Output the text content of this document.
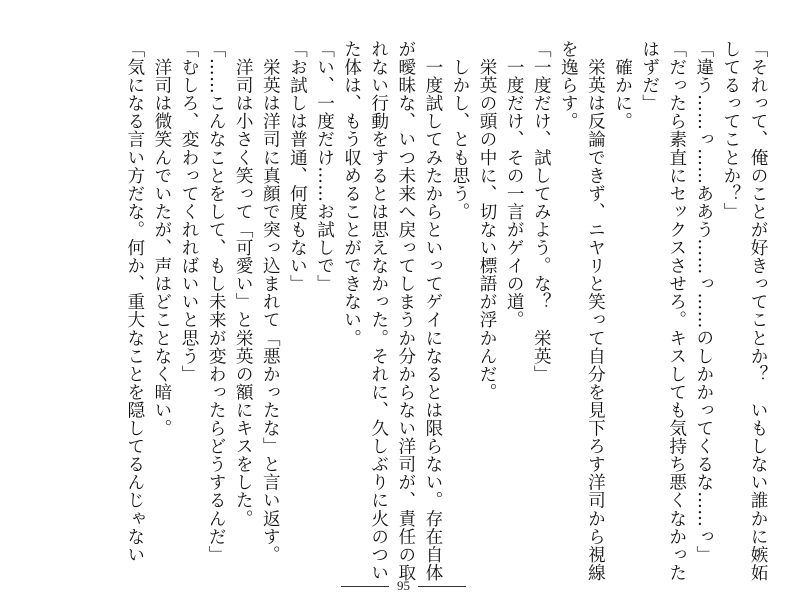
「それって、俺のことが好きってことか？　いもしない誰かに嫉妬
してるってことか？」
「違う……っ……ああう……っ……のしかかってくるな……っ」
「だったら素直にセックスさせろ。キスしても気持ち悪くなかった
はずだ」
　確かに。
　栄英は反論できず、ニヤリと笑って自分を見下ろす洋司から視線
を逸らす。
「一度だけ、試してみよう。な？　栄英」
　一度だけ、その一言がゲイの道。
　栄英の頭の中に、切ない標語が浮かんだ。
　しかし、とも思う。
　一度試してみたからといってゲイになるとは限らない。存在自体
が曖昧な、いつ未来へ戻ってしまうか分からない洋司が、責任の取
れない行動をするとは思えなかった。それに、久しぶりに火のつい
た体は、もう収めることができない。
「い、一度だけ……お試しで」
「お試しは普通、何度もない」
　栄英は洋司に真顔で突っ込まれて「悪かったな」と言い返す。
　洋司は小さく笑って「可愛い」と栄英の額にキスをした。
「……こんなことをして、もし未来が変わったらどうするんだ」
「むしろ、変わってくれればいいと思う」
　洋司は微笑んでいたが、声はどことなく暗い。
「気になる言い方だな。何か、重大なことを隠してるんじゃない
95
